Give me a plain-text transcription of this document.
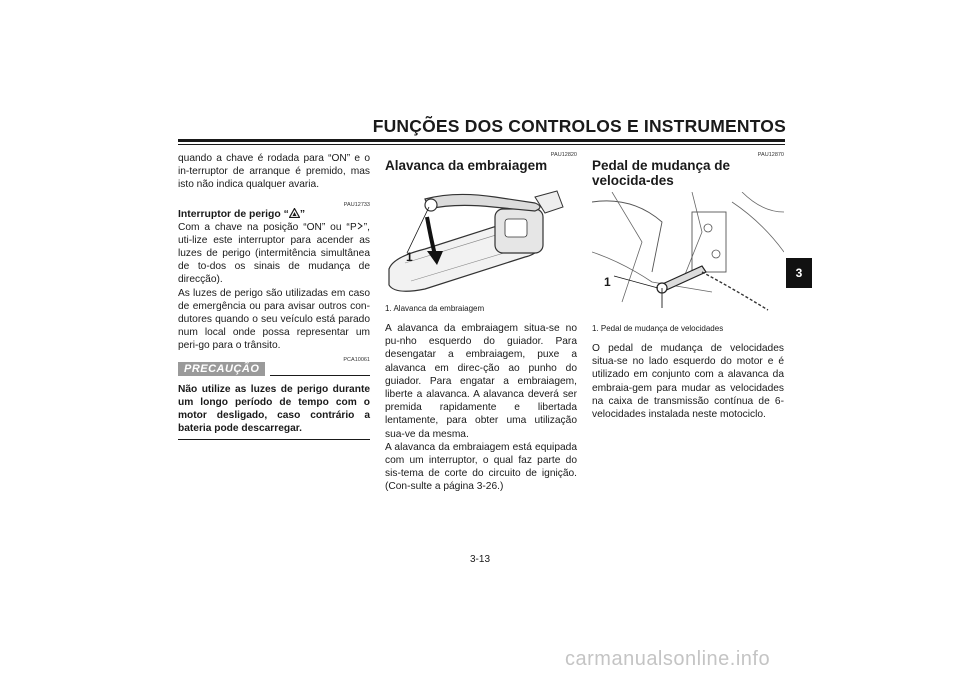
FUNÇÕES DOS CONTROLOS E INSTRUMENTOS
3

quando a chave é rodada para “ON” e o in-terruptor de arranque é premido, mas isto não indica qualquer avaria.

PAU12733
Interruptor de perigo “ ”

Com a chave na posição “ON” ou “ P ”, uti-lize este interruptor para acender as luzes de perigo (intermitência simultânea de to-dos os sinais de mudança de direcção).

As luzes de perigo são utilizadas em caso de emergência ou para avisar outros con-dutores quando o seu veículo está parado num local onde possa representar um peri-go para o trânsito.

PRECAUÇÃO
PCA10061

Não utilize as luzes de perigo durante um longo período de tempo com o motor desligado, caso contrário a bateria pode descarregar.

PAU12820
Alavanca da embraiagem
1
1. Alavanca da embraiagem

A alavanca da embraiagem situa-se no pu-nho esquerdo do guiador. Para desengatar a embraiagem, puxe a alavanca em direc-ção ao punho do guiador. Para engatar a embraiagem, liberte a alavanca. A alavanca deverá ser premida rapidamente e libertada lentamente, para obter uma utilização sua-ve da mesma.

A alavanca da embraiagem está equipada com um interruptor, o qual faz parte do sis-tema de corte do circuito de ignição. (Con-sulte a página 3-26.)

PAU12870
Pedal de mudança de velocida-des
1
1. Pedal de mudança de velocidades

O pedal de mudança de velocidades situa-se no lado esquerdo do motor e é utilizado em conjunto com a alavanca da embraia-gem para mudar as velocidades na caixa de transmissão contínua de 6-velocidades instalada neste motociclo.

3-13
carmanualsonline.info
